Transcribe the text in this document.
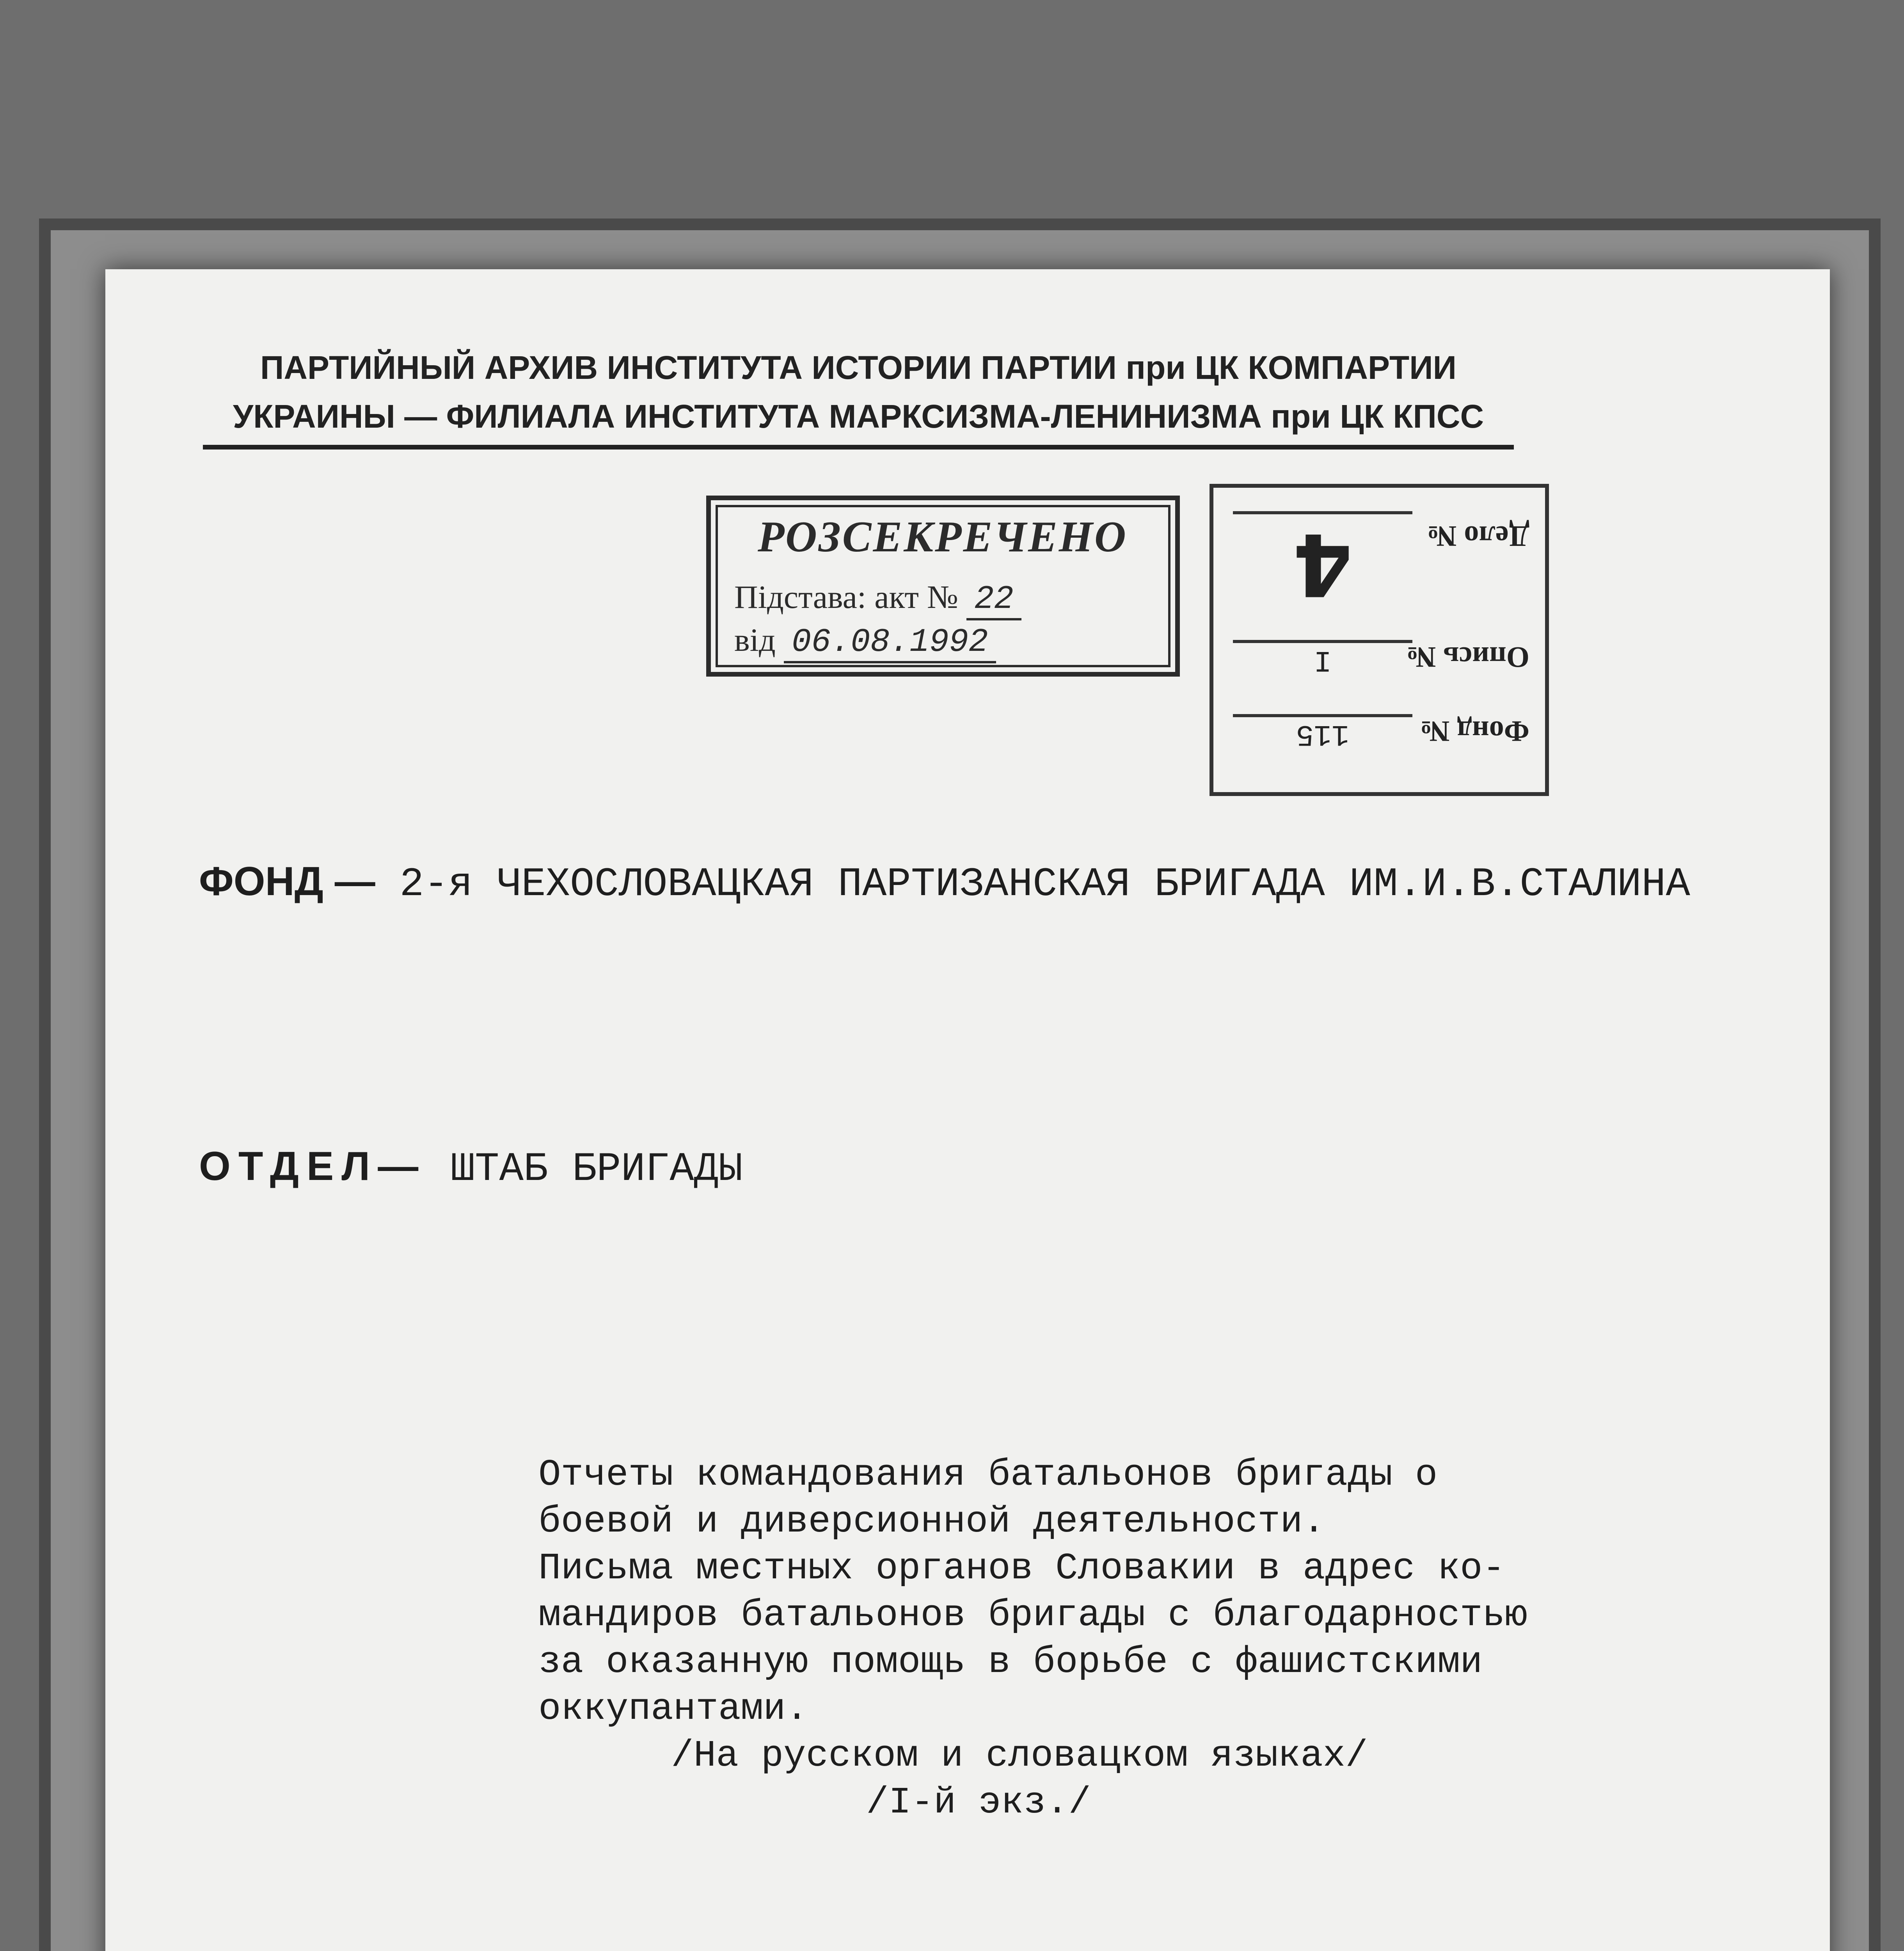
ПАРТИЙНЫЙ АРХИВ ИНСТИТУТА ИСТОРИИ ПАРТИИ при ЦК КОМПАРТИИ
УКРАИНЫ — ФИЛИАЛА ИНСТИТУТА МАРКСИЗМА-ЛЕНИНИЗМА при ЦК КПСС
РОЗСЕКРЕЧЕНО
Підстава: акт № 22
від 06.08.1992
Фонд №
115
Опись №
I
Дело №
4
ФОНД — 2-я ЧЕХОСЛОВАЦКАЯ ПАРТИЗАНСКАЯ БРИГАДА ИМ.И.В.СТАЛИНА
ОТДЕЛ— ШТАБ БРИГАДЫ
Отчеты командования батальонов бригады о
боевой и диверсионной деятельности.
Письма местных органов Словакии в адрес ко-
мандиров батальонов бригады с благодарностью
за оказанную помощь в борьбе с фашистскими
оккупантами.
/На русском и словацком языках/
/I-й экз./
